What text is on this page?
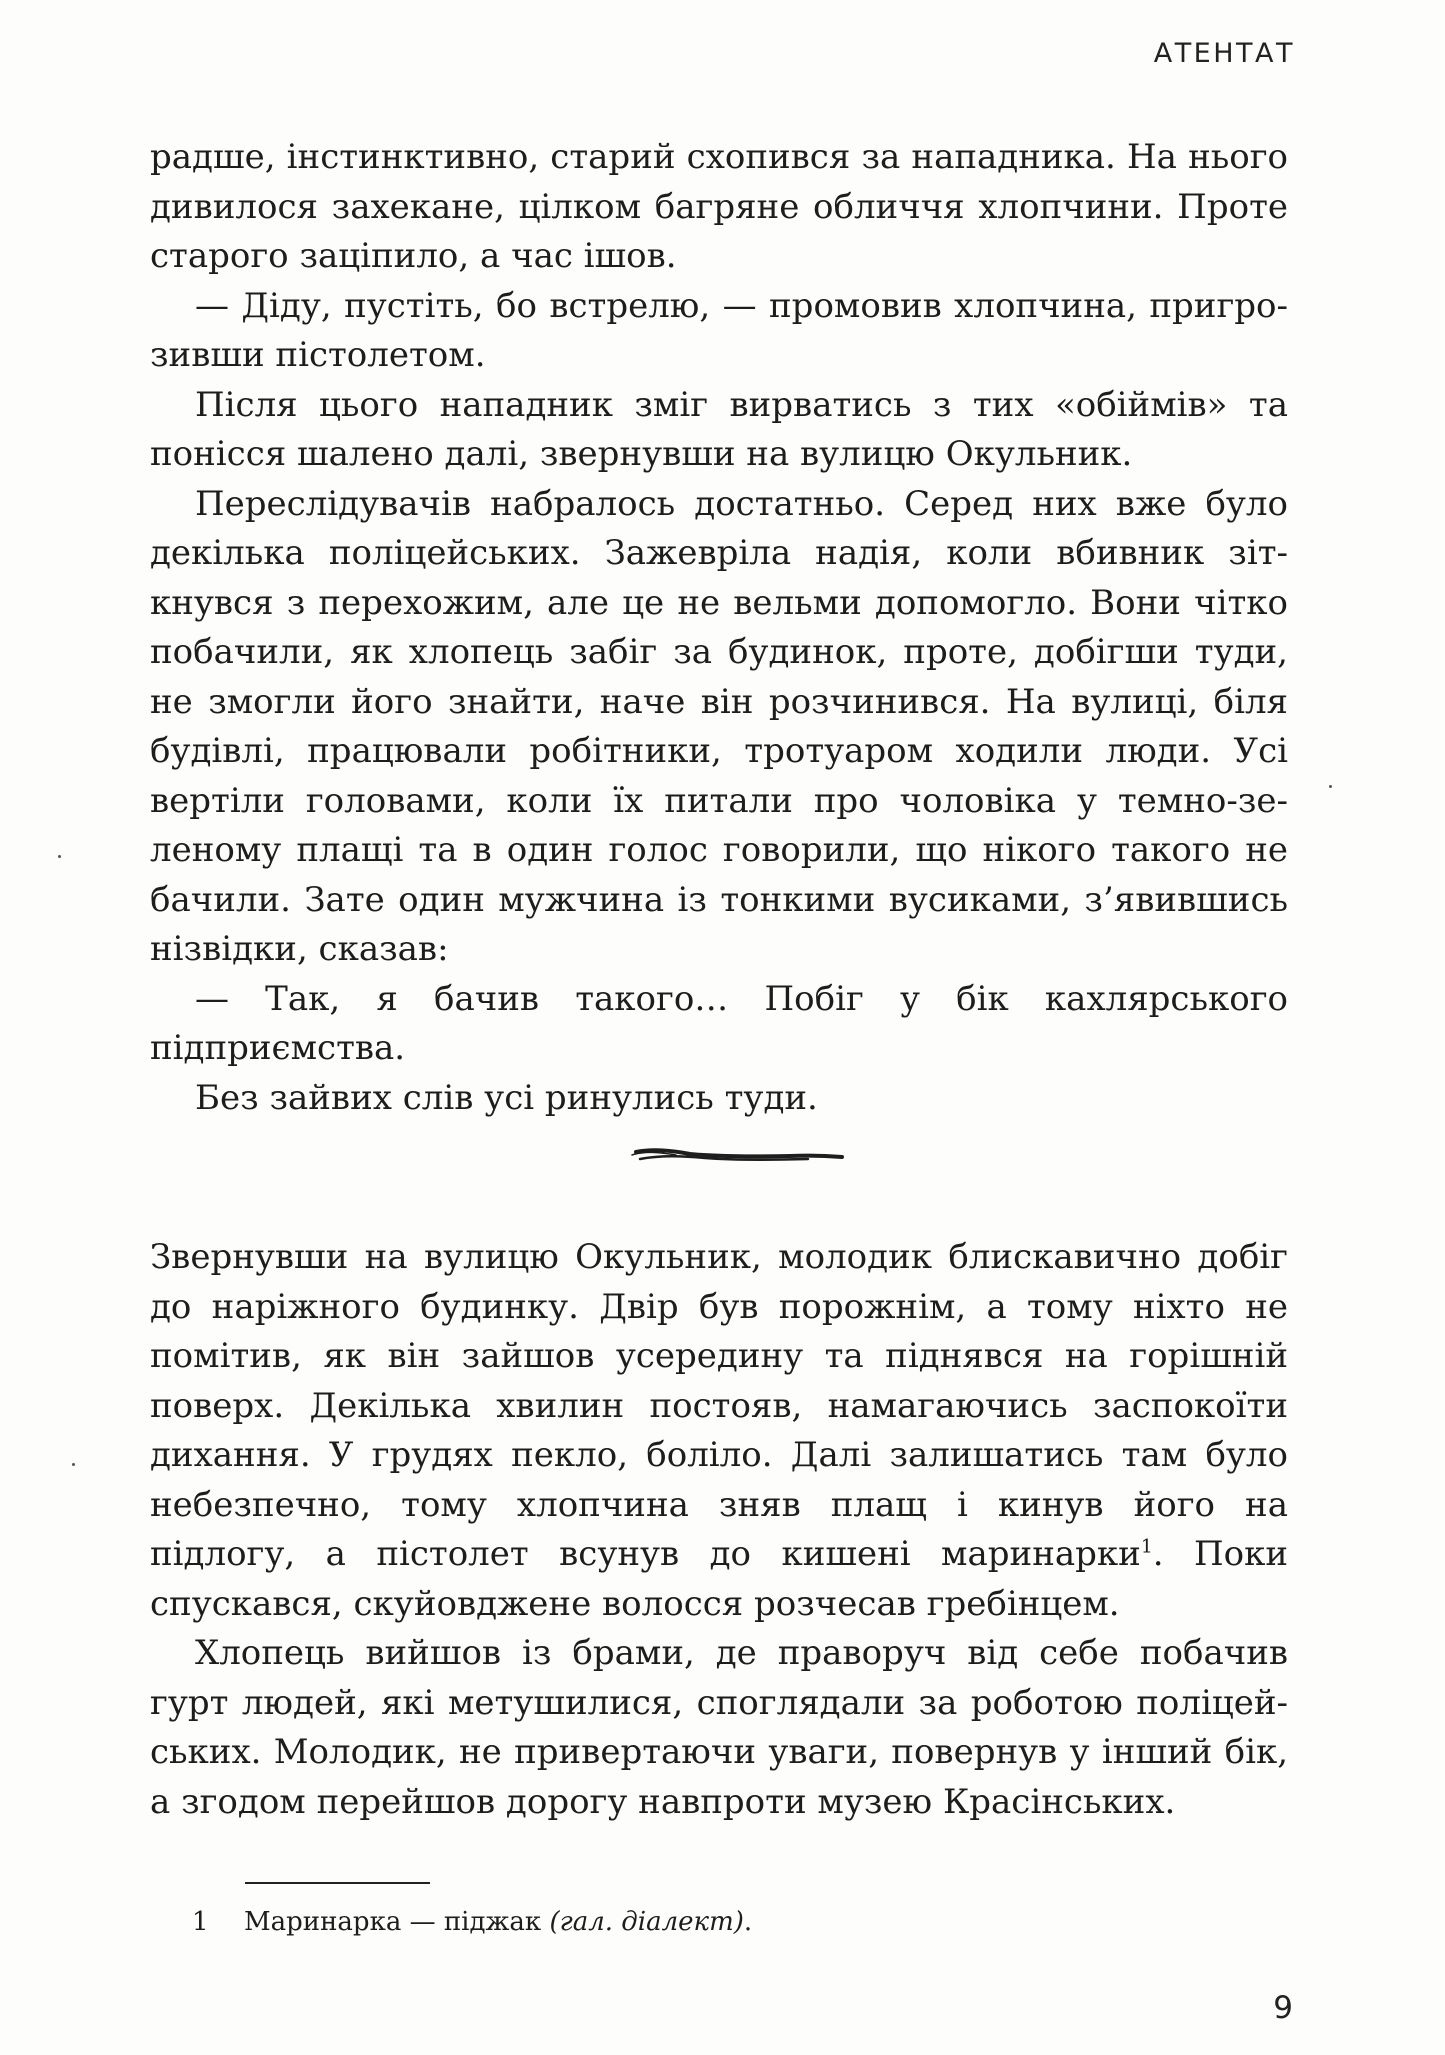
АТЕНТАТ

радше, інстинктивно, старий схопився за нападника. На нього дивилося захекане, цілком багряне обличчя хлопчини. Проте старого заціпило, а час ішов.

— Діду, пустіть, бо встрелю, — промовив хлопчина, пригрозивши пістолетом.

Після цього нападник зміг вирватись з тих «обіймів» та понісся шалено далі, звернувши на вулицю Окульник.

Переслідувачів набралось достатньо. Серед них вже було декілька поліцейських. Зажевріла надія, коли вбивник зіткнувся з перехожим, але це не вельми допомогло. Вони чітко побачили, як хлопець забіг за будинок, проте, добігши туди, не змогли його знайти, наче він розчинився. На вулиці, біля будівлі, працювали робітники, тротуаром ходили люди. Усі вертіли головами, коли їх питали про чоловіка у темно-зеленому плащі та в один голос говорили, що нікого такого не бачили. Зате один мужчина із тонкими вусиками, з’явившись нізвідки, сказав:

— Так, я бачив такого… Побіг у бік кахлярського підприємства.

Без зайвих слів усі ринулись туди.

Звернувши на вулицю Окульник, молодик блискавично добіг до наріжного будинку. Двір був порожнім, а тому ніхто не помітив, як він зайшов усередину та піднявся на горішній поверх. Декілька хвилин постояв, намагаючись заспокоїти дихання. У грудях пекло, боліло. Далі залишатись там було небезпечно, тому хлопчина зняв плащ і кинув його на підлогу, а пістолет всунув до кишені маринарки$^1$. Поки спускався, скуйовджене волосся розчесав гребінцем.

Хлопець вийшов із брами, де праворуч від себе побачив гурт людей, які метушилися, споглядали за роботою поліцейських. Молодик, не привертаючи уваги, повернув у інший бік, а згодом перейшов дорогу навпроти музею Красінських.

1 Маринарка — піджак (гал. діалект).
9
